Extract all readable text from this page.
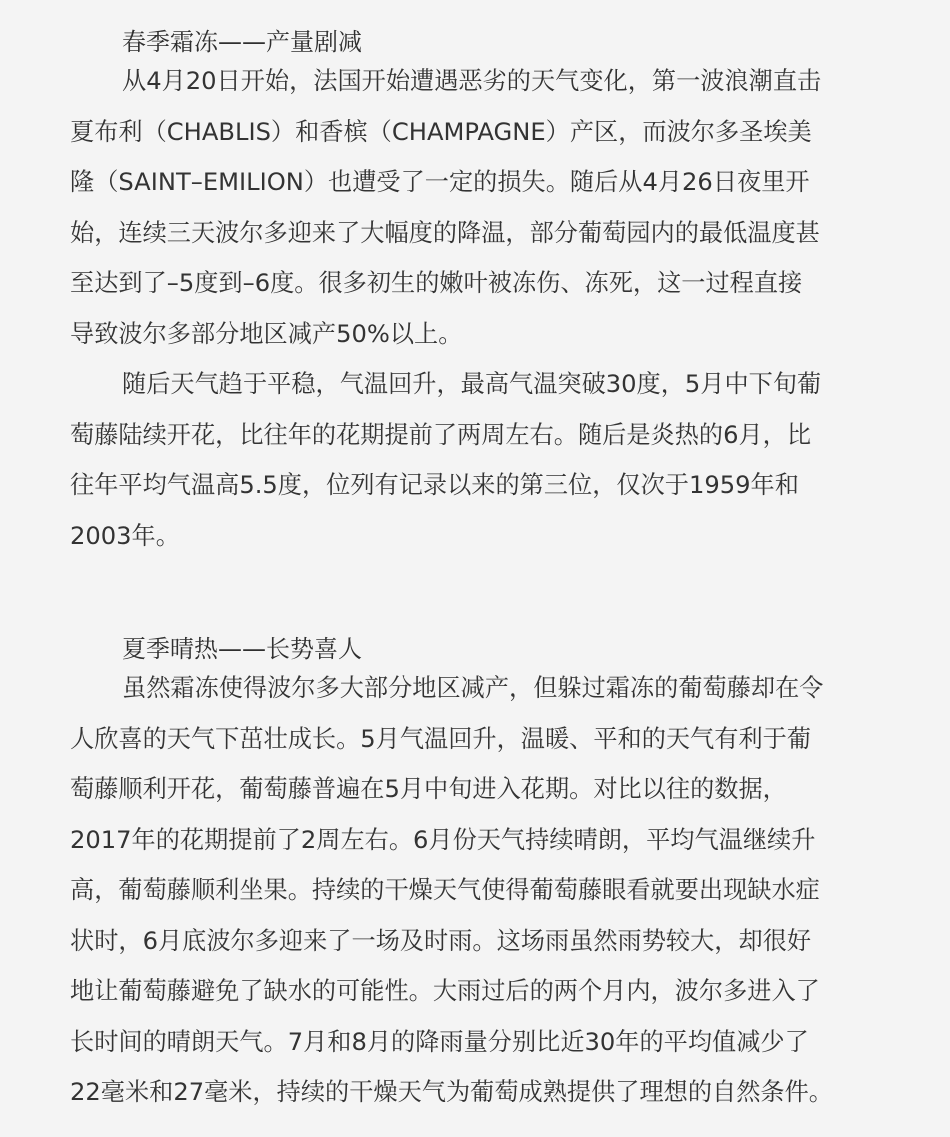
春季霜冻——产量剧减

从4月20日开始，法国开始遭遇恶劣的天气变化，第一波浪潮直击
夏布利（CHABLIS）和香槟（CHAMPAGNE）产区，而波尔多圣埃美
隆（SAINT–EMILION）也遭受了一定的损失。随后从4月26日夜里开
始，连续三天波尔多迎来了大幅度的降温，部分葡萄园内的最低温度甚
至达到了–5度到–6度。很多初生的嫩叶被冻伤、冻死，这一过程直接
导致波尔多部分地区减产50%以上。

随后天气趋于平稳，气温回升，最高气温突破30度，5月中下旬葡
萄藤陆续开花，比往年的花期提前了两周左右。随后是炎热的6月，比
往年平均气温高5.5度，位列有记录以来的第三位，仅次于1959年和
2003年。

夏季晴热——长势喜人

虽然霜冻使得波尔多大部分地区减产，但躲过霜冻的葡萄藤却在令
人欣喜的天气下茁壮成长。5月气温回升，温暖、平和的天气有利于葡
萄藤顺利开花，葡萄藤普遍在5月中旬进入花期。对比以往的数据，
2017年的花期提前了2周左右。6月份天气持续晴朗，平均气温继续升
高，葡萄藤顺利坐果。持续的干燥天气使得葡萄藤眼看就要出现缺水症
状时，6月底波尔多迎来了一场及时雨。这场雨虽然雨势较大，却很好
地让葡萄藤避免了缺水的可能性。大雨过后的两个月内，波尔多进入了
长时间的晴朗天气。7月和8月的降雨量分别比近30年的平均值减少了
22毫米和27毫米，持续的干燥天气为葡萄成熟提供了理想的自然条件。
